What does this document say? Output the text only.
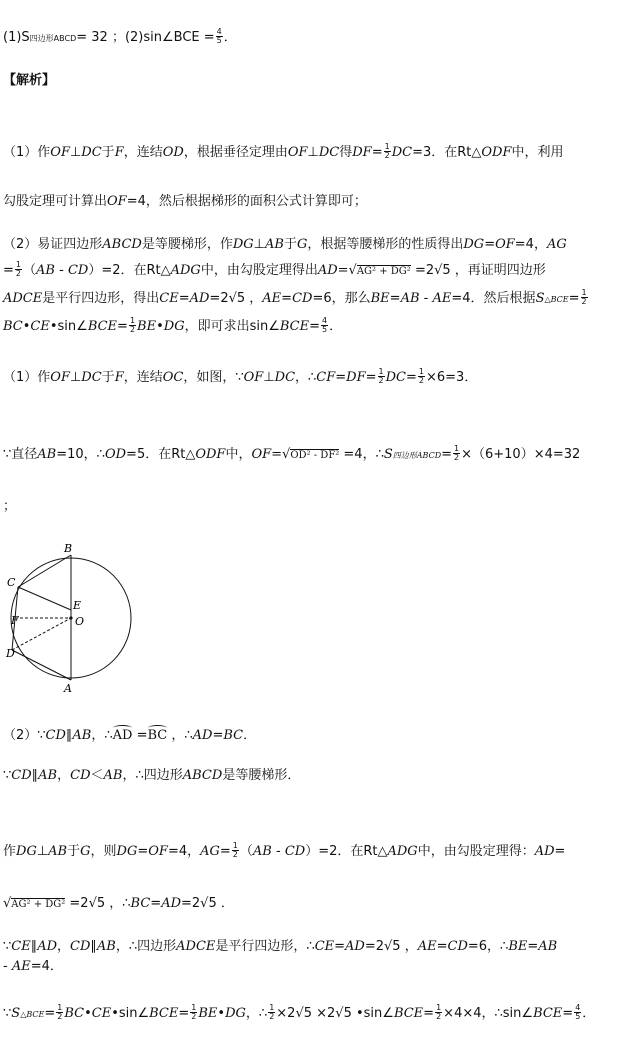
(1)S四边形ABCD= 32 ；(2)sin∠BCE = $\frac{4}{5}$ ．
【解析】
（1）作OF⊥DC于F，连结OD，根据垂径定理由OF⊥DC得$DF= \frac{1}{2} DC=3$．在Rt△ODF中，利用
勾股定理可计算出OF=4，然后根据梯形的面积公式计算即可；
（2）易证四边形ABCD是等腰梯形，作DG⊥AB于G，根据等腰梯形的性质得出DG=OF=4，AG
= $\frac{1}{2} (AB - CD)=2$．在Rt△ADG中，由勾股定理得出AD=√AG² + DG² =2√5 ，再证明四边形
ADCE是平行四边形，得出CE=AD=2√5 ，AE=CD=6，那么BE=AB - AE=4．然后根据S△BCE= $\frac{1}{2}$
BC•CE•sin∠BCE= $\frac{1}{2}$ BE•DG，即可求出sin∠BCE= $\frac{4}{5}$ ．
（1）作OF⊥DC于F，连结OC，如图，∵OF⊥DC，∴CF=DF= $\frac{1}{2} DC= \frac{1}{2} \times 6=3$．
∵直径AB=10，∴OD=5．在Rt△ODF中，OF=√OD² - DF² =4，∴S四边形ABCD= $\frac{1}{2} \times(6+10)\times 4=32$
；
B
C
E
F	O
D
A
（2）∵CD∥AB，∴AD =BC ，∴AD=BC．
∵CD∥AB，CD＜AB，∴四边形ABCD是等腰梯形．
作DG⊥AB于G，则DG=OF=4，$AG= \frac{1}{2} (AB - CD)=2$．在Rt△ADG中，由勾股定理得：AD=
√AG² + DG² =2√5 ，∴BC=AD=2√5 ．
∵CE∥AD，CD∥AB，∴四边形ADCE是平行四边形，∴CE=AD=2√5 ，AE=CD=6，∴BE=AB
- AE=4．
∵S△BCE= $\frac{1}{2}$ BC•CE•sin∠BCE= $\frac{1}{2}$ BE•DG，∴ $\frac{1}{2} \times 2√5 \times 2√5$ •sin∠BCE= $\frac{1}{2} \times 4\times 4$，∴sin∠BCE= $\frac{4}{5}$ ．
